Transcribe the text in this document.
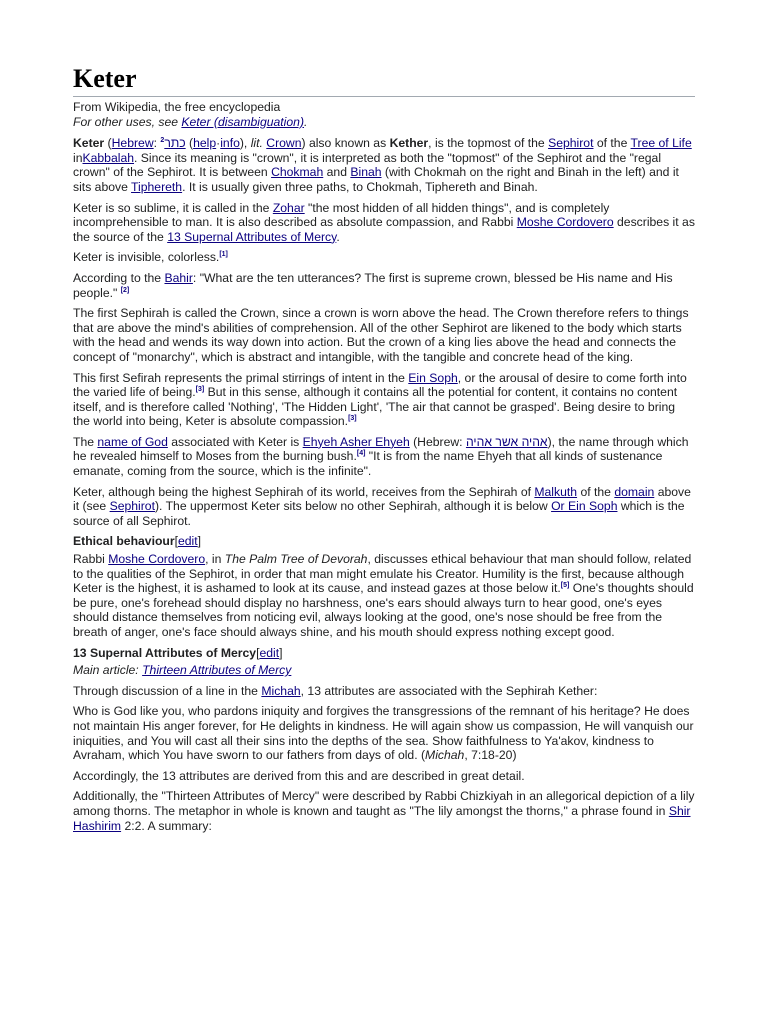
Keter
From Wikipedia, the free encyclopedia
For other uses, see Keter (disambiguation).

Keter (Hebrew: כתר$^2$ (help·info), lit. Crown) also known as Kether, is the topmost of the Sephirot of the Tree of Life inKabbalah. Since its meaning is "crown", it is interpreted as both the "topmost" of the Sephirot and the "regal crown" of the Sephirot. It is between Chokmah and Binah (with Chokmah on the right and Binah in the left) and it sits above Tiphereth. It is usually given three paths, to Chokmah, Tiphereth and Binah.

Keter is so sublime, it is called in the Zohar "the most hidden of all hidden things", and is completely incomprehensible to man. It is also described as absolute compassion, and Rabbi Moshe Cordovero describes it as the source of the 13 Supernal Attributes of Mercy.

Keter is invisible, colorless.[1]

According to the Bahir: "What are the ten utterances? The first is supreme crown, blessed be His name and His people." [2]

The first Sephirah is called the Crown, since a crown is worn above the head. The Crown therefore refers to things that are above the mind's abilities of comprehension. All of the other Sephirot are likened to the body which starts with the head and wends its way down into action. But the crown of a king lies above the head and connects the concept of "monarchy", which is abstract and intangible, with the tangible and concrete head of the king.

This first Sefirah represents the primal stirrings of intent in the Ein Soph, or the arousal of desire to come forth into the varied life of being.[3] But in this sense, although it contains all the potential for content, it contains no content itself, and is therefore called 'Nothing', 'The Hidden Light', 'The air that cannot be grasped'. Being desire to bring the world into being, Keter is absolute compassion.[3]

The name of God associated with Keter is Ehyeh Asher Ehyeh (Hebrew: אהיה אשר אהיה), the name through which he revealed himself to Moses from the burning bush.[4] "It is from the name Ehyeh that all kinds of sustenance emanate, coming from the source, which is the infinite".

Keter, although being the highest Sephirah of its world, receives from the Sephirah of Malkuth of the domain above it (see Sephirot). The uppermost Keter sits below no other Sephirah, although it is below Or Ein Soph which is the source of all Sephirot.

Ethical behaviour[edit]

Rabbi Moshe Cordovero, in The Palm Tree of Devorah, discusses ethical behaviour that man should follow, related to the qualities of the Sephirot, in order that man might emulate his Creator. Humility is the first, because although Keter is the highest, it is ashamed to look at its cause, and instead gazes at those below it.[5] One's thoughts should be pure, one's forehead should display no harshness, one's ears should always turn to hear good, one's eyes should distance themselves from noticing evil, always looking at the good, one's nose should be free from the breath of anger, one's face should always shine, and his mouth should express nothing except good.

13 Supernal Attributes of Mercy[edit]
Main article: Thirteen Attributes of Mercy

Through discussion of a line in the Michah, 13 attributes are associated with the Sephirah Kether:

Who is God like you, who pardons iniquity and forgives the transgressions of the remnant of his heritage? He does not maintain His anger forever, for He delights in kindness. He will again show us compassion, He will vanquish our iniquities, and You will cast all their sins into the depths of the sea. Show faithfulness to Ya'akov, kindness to Avraham, which You have sworn to our fathers from days of old. (Michah, 7:18-20)

Accordingly, the 13 attributes are derived from this and are described in great detail.

Additionally, the "Thirteen Attributes of Mercy" were described by Rabbi Chizkiyah in an allegorical depiction of a lily among thorns. The metaphor in whole is known and taught as "The lily amongst the thorns," a phrase found in Shir Hashirim 2:2. A summary:
